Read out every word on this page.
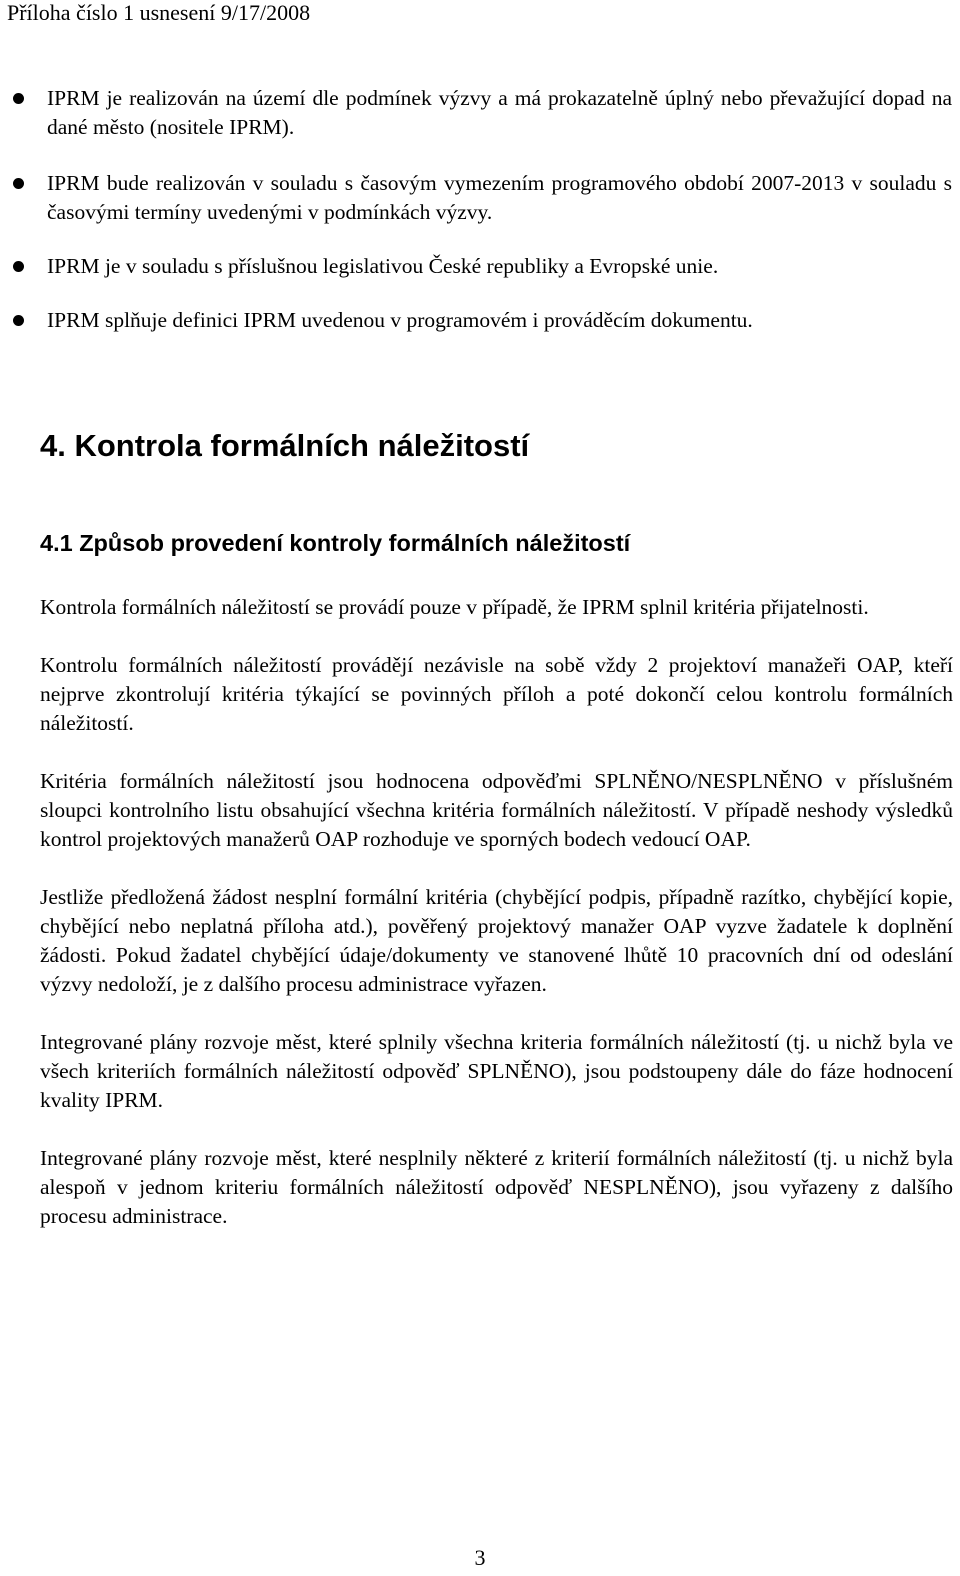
Příloha číslo 1 usnesení 9/17/2008
IPRM je realizován na území dle podmínek výzvy a má prokazatelně úplný nebo převažující dopad na dané město (nositele IPRM).
IPRM bude realizován v souladu s časovým vymezením programového období 2007-2013 v souladu s časovými termíny uvedenými v podmínkách výzvy.
IPRM je v souladu s příslušnou legislativou České republiky a Evropské unie.
IPRM splňuje definici IPRM uvedenou v programovém i prováděcím dokumentu.
4. Kontrola formálních náležitostí
4.1 Způsob provedení kontroly formálních náležitostí

Kontrola formálních náležitostí se provádí pouze v případě, že IPRM splnil kritéria přijatelnosti.

Kontrolu formálních náležitostí provádějí nezávisle na sobě vždy 2 projektoví manažeři OAP, kteří nejprve zkontrolují kritéria týkající se povinných příloh a poté dokončí celou kontrolu formálních náležitostí.

Kritéria formálních náležitostí jsou hodnocena odpověďmi SPLNĚNO/NESPLNĚNO v příslušném sloupci kontrolního listu obsahující všechna kritéria formálních náležitostí. V případě neshody výsledků kontrol projektových manažerů OAP rozhoduje ve sporných bodech vedoucí OAP.

Jestliže předložená žádost nesplní formální kritéria (chybějící podpis, případně razítko, chybějící kopie, chybějící nebo neplatná příloha atd.), pověřený projektový manažer OAP vyzve žadatele k doplnění žádosti. Pokud žadatel chybějící údaje/dokumenty ve stanovené lhůtě 10 pracovních dní od odeslání výzvy nedoloží, je z dalšího procesu administrace vyřazen.

Integrované plány rozvoje měst, které splnily všechna kriteria formálních náležitostí (tj. u nichž byla ve všech kriteriích formálních náležitostí odpověď SPLNĚNO), jsou podstoupeny dále do fáze hodnocení kvality IPRM.

Integrované plány rozvoje měst, které nesplnily některé z kriterií formálních náležitostí (tj. u nichž byla alespoň v jednom kriteriu formálních náležitostí odpověď NESPLNĚNO), jsou vyřazeny z dalšího procesu administrace.

3
